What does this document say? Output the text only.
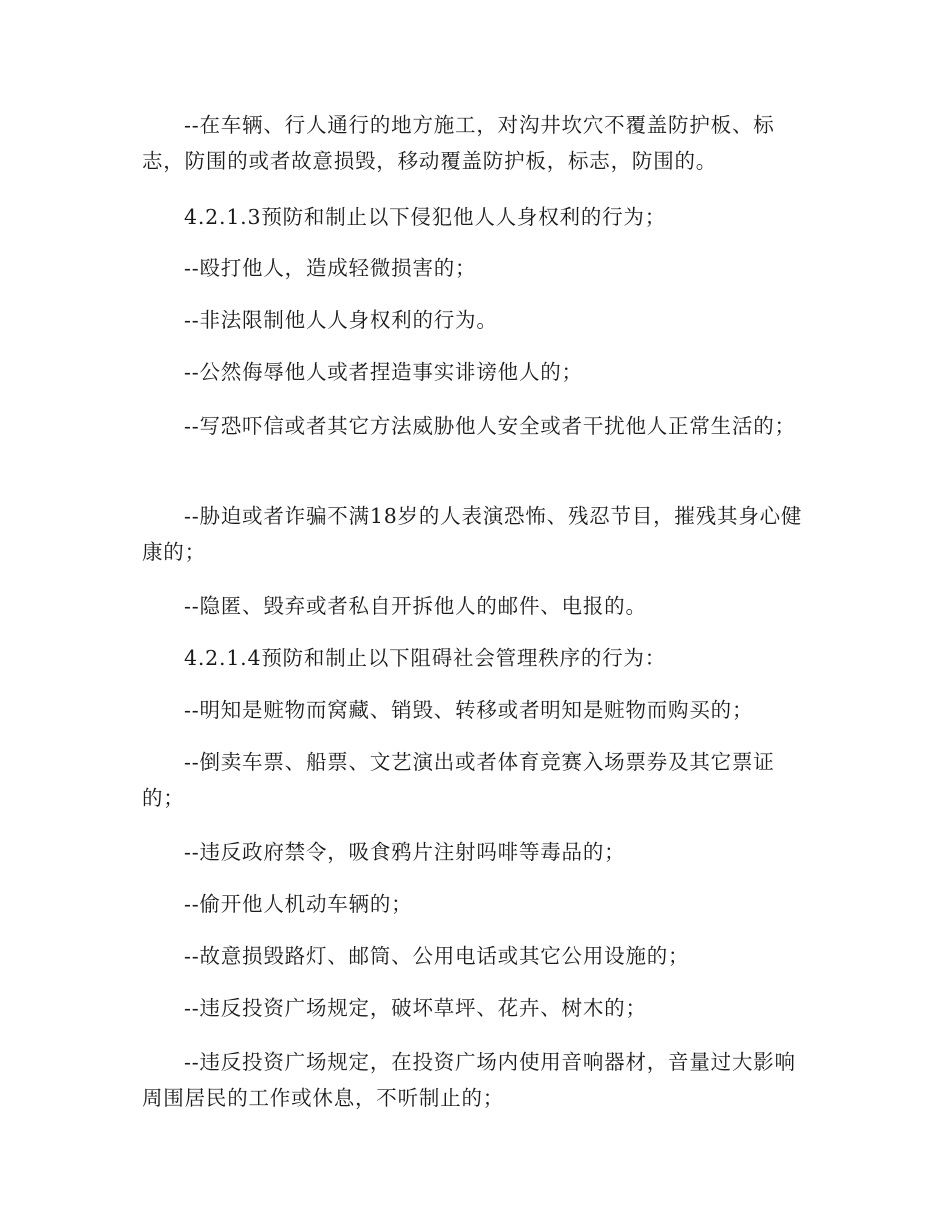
--在车辆、行人通行的地方施工，对沟井坎穴不覆盖防护板、标志，防围的或者故意损毁，移动覆盖防护板，标志，防围的。

4.2.1.3预防和制止以下侵犯他人人身权利的行为；

--殴打他人，造成轻微损害的；

--非法限制他人人身权利的行为。

--公然侮辱他人或者捏造事实诽谤他人的；

--写恐吓信或者其它方法威胁他人安全或者干扰他人正常生活的；

--胁迫或者诈骗不满18岁的人表演恐怖、残忍节目，摧残其身心健康的；

--隐匿、毁弃或者私自开拆他人的邮件、电报的。

4.2.1.4预防和制止以下阻碍社会管理秩序的行为：

--明知是赃物而窝藏、销毁、转移或者明知是赃物而购买的；

--倒卖车票、船票、文艺演出或者体育竞赛入场票券及其它票证的；

--违反政府禁令，吸食鸦片注射吗啡等毒品的；

--偷开他人机动车辆的；

--故意损毁路灯、邮筒、公用电话或其它公用设施的；

--违反投资广场规定，破坏草坪、花卉、树木的；

--违反投资广场规定，在投资广场内使用音响器材，音量过大影响周围居民的工作或休息，不听制止的；
